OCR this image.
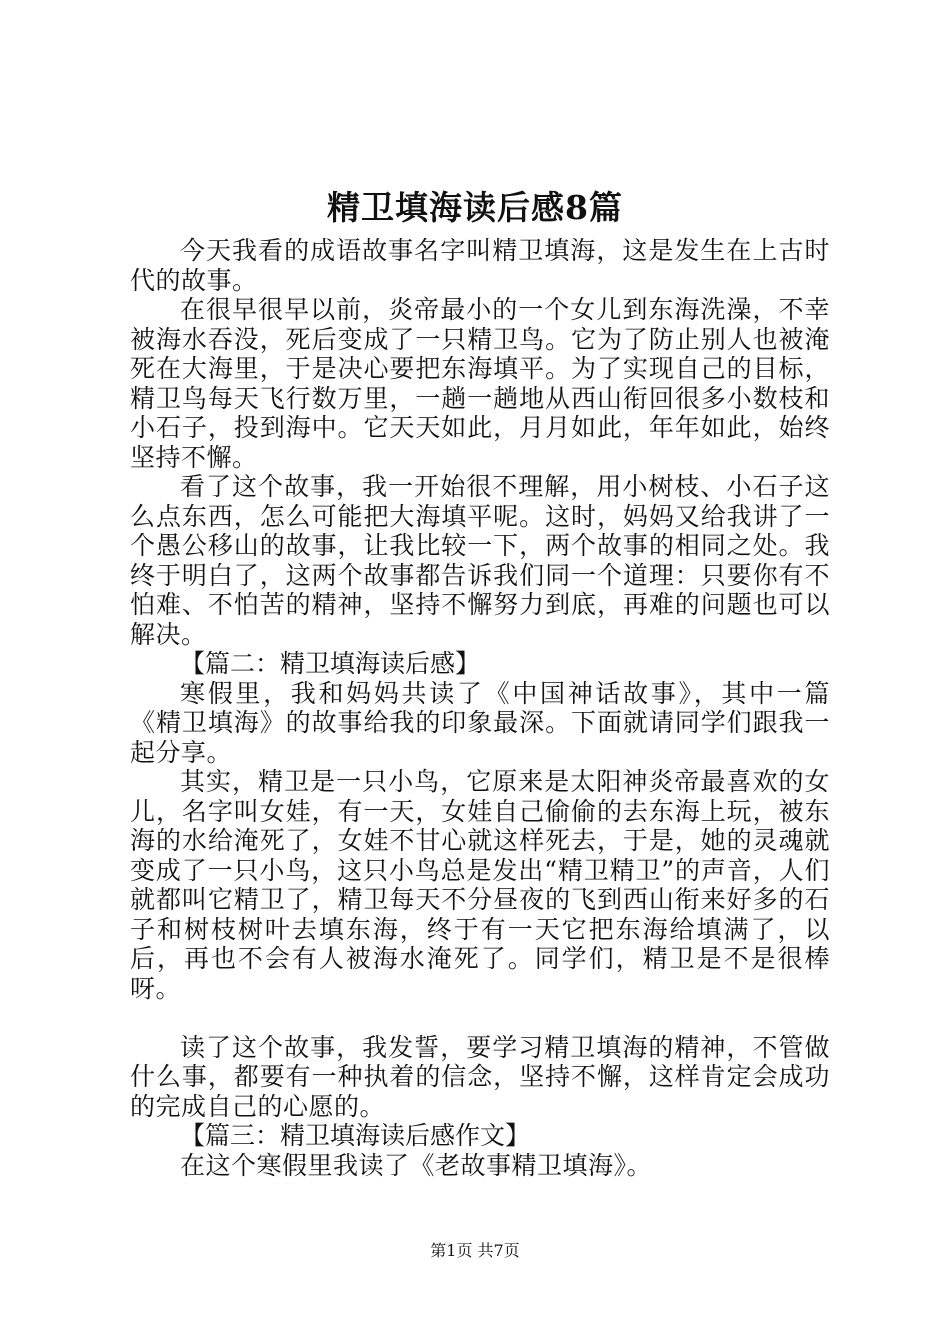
精卫填海读后感8篇

今天我看的成语故事名字叫精卫填海，这是发生在上古时代的故事。

在很早很早以前，炎帝最小的一个女儿到东海洗澡，不幸被海水吞没，死后变成了一只精卫鸟。它为了防止别人也被淹死在大海里，于是决心要把东海填平。为了实现自己的目标，精卫鸟每天飞行数万里，一趟一趟地从西山衔回很多小数枝和小石子，投到海中。它天天如此，月月如此，年年如此，始终坚持不懈。

看了这个故事，我一开始很不理解，用小树枝、小石子这么点东西，怎么可能把大海填平呢。这时，妈妈又给我讲了一个愚公移山的故事，让我比较一下，两个故事的相同之处。我终于明白了，这两个故事都告诉我们同一个道理：只要你有不怕难、不怕苦的精神，坚持不懈努力到底，再难的问题也可以解决。

【篇二：精卫填海读后感】

寒假里，我和妈妈共读了《中国神话故事》，其中一篇《精卫填海》的故事给我的印象最深。下面就请同学们跟我一起分享。

其实，精卫是一只小鸟，它原来是太阳神炎帝最喜欢的女儿，名字叫女娃，有一天，女娃自己偷偷的去东海上玩，被东海的水给淹死了，女娃不甘心就这样死去，于是，她的灵魂就变成了一只小鸟，这只小鸟总是发出“精卫精卫”的声音，人们就都叫它精卫了，精卫每天不分昼夜的飞到西山衔来好多的石子和树枝树叶去填东海，终于有一天它把东海给填满了，以后，再也不会有人被海水淹死了。同学们，精卫是不是很棒呀。

读了这个故事，我发誓，要学习精卫填海的精神，不管做什么事，都要有一种执着的信念，坚持不懈，这样肯定会成功的完成自己的心愿的。

【篇三：精卫填海读后感作文】

在这个寒假里我读了《老故事精卫填海》。

第1页 共7页
